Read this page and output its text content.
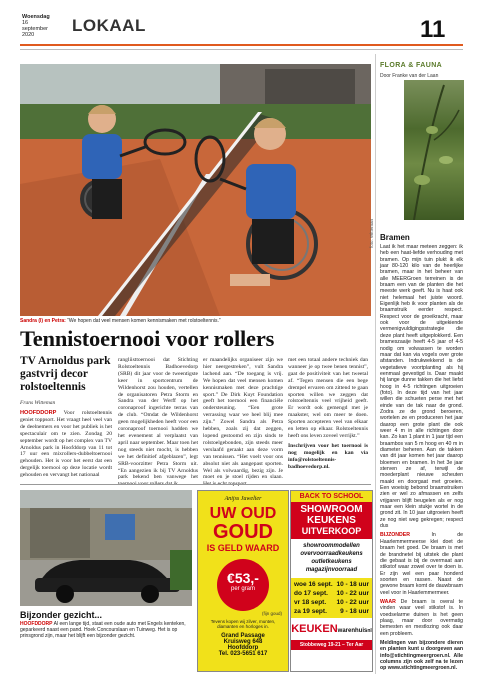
Woensdag
16
september
2020	LOKAAL	11
foto: Witteman
Sandra (l) en Petra: “We hopen dat veel mensen komen kennismaken met rolstoeltennis.”
Tennistoernooi voor rollers
TV Arnoldus park
gastvrij decor
rolstoeltennis
Frans Witteman
HOOFDDORP Voor rolstoeltennis geniet toppsort. Het vraagt heel veel van de deelnemers en voor het publiek is het spectaculair om te zien. Zondag 20 september wordt op het complex van TV Arnoldus park in Hoofddorp van 11 tot 17 uur een mixrollers-dubbeltoernooi gehouden. Het is voor het eerst dat een dergelijk toernooi op deze locatie wordt gehouden en vervangt het nationaal
rangliisttoernooi dat Stichting Rolstoeltennis Badhoevedorp (SRB) dit jaar voor de tweentigste keer in sportcentrum de Wildenhorst zou houden, vertellen de organisatoren Petra Storm en Sandra van der Werff op het coronaproof ingerichte terras van de club. “Omdat de Wildenhorst geen mogelijkheden heeft voor een coronaproof toernooi hadden we het evenement al verplaatst van april naar september. Maar toen het nog steeds niet mocht, is hebben we het definitief afgeblazen”, legt SRB-voorzitter Petra Storm uit. “En aangezien ik bij TV Arnoldus park bekend ben vanwege het
er maandelijks organiseer zijn we hier neergestreken”, vult Sandra lachend aan. “De toegang is vrij. We hopen dat veel mensen komen kennismaken met deze prachtige sport.” De Dirk Kuyt Foundation geeft het toernooi een financiële ondersteuning. “Een grote verrassing waar we heel blij mee zijn.” Zowel Sandra als Petra hebben, zoals zij dat zeggen, lopend gestoomd en zijn sinds te rolstoelgebonden, zijn steeds meer verslaafd geraakt aan deze vorm van tennissen. “Het voelt voor ons absolut niet als aangepast sporten. Wel als volwaardig, bezig zijn. Je moet en je stoel rijden en slaan.
met een totaal andere techniek dan wanneer je op twee benen tennist”, gaat de positiviteit van het tweetal af. “Tegen mensen die een bege drempel ervaren om zittend te gaan sporten willen we zeggen dat rolstoeltennis veel vrijheid geeft. Er wordt ook gemengd met je maakster, wel om meer te doen. Sporten accepteren veel van elkaar en letten op elkaar. Rolstoeltennis heeft ons leven zoveel verrijkt.”
Inschrijven voor het toernooi is nog mogelijk en kan via info@rolstoeltennis-badhoevedorp.nl.
FLORA & FAUNA
Door Franke van der Laan
Bramen
Laat ik het maar meteen zeggen: ik heb een haat-liefde verhouding met bramen. Op mijn tuin plukt ik elk jaar 80-120 kilo van de heerlijke bramen, maar in het beheer van alle MEERGroen terreinen is de braam een van de planten die het meeste werk geeft. Nu is haat ook niet helemaal het juiste woord. Eigenlijk heb ik voor planten als de braamstruik eerder respect. Respect voor de groeikracht, maar ook voor de uitgekiende vermenigvuldigingsstrategie die deze plant heeft uitgeplokkerd. Een brameszaaije heeft 4-5 jaar of 4-5 nodig om volwassen te worden maar dat kan via vogels over grote afstanden. Indrukwekkend is de vegetatieve voortplanting als hij eenmaal gevestigd is. Daar maakt hij lange dunne takken die het liefst hoog in 4-5 richtingen uitgroeien (foto). In deze tijd van het jaar willen die schueten perse met het einde van de tak naar de grond. Zodra ze de grond beroeren, wortelen ze en produceren het jaar daarop een grote plant die ook weer 4 m in alle richtingen door kan. Zo kan 1 plant in 1 jaar tijd een braambos van 5 m hoog en 40 m in diameter beheren. Aan de takken van dit jaar komen het jaar daarop bloemen en bramen. In het 3e jaar sterven ze af, terwijl de moederplant nieuwe scheuten maakt en doorgaat met groeien. Een woeisig bebond braamstruiken zien er wel zo afmassen en zelfs vrijgaren blijft beugelen als er nog maar een klein stukje wortel in de grond zit. In 10 jaar uitgroeien heeft ze nog niet weg gekregen; respect dus
BIJZONDER In de Haarlemmermeerse klei doet de braam het goed. De braam is met de brandnetel bij uitstek die plant die gebaat is bij de overmaat aan stikstof waar zowel over te doen is. Er zijn wel een paar honderd soorten en rassen. Naast de gewone braam komt de dauwbraam veel voor in Haarlemmermeer.
WAAR De braam is overal te vinden waar veel stikstof is. In voedselarme duinen is het geen plaag, maar door overmatig bemesten en mestlozing ook daar een probleem.
Meldingen van bijzondere dieren en planten kunt u doorgeven aan info@stichtingmeergroen.nl. Alle columns zijn ook zelf na te lezen op www.stichtingmeergroen.nl.
Bijzonder gezicht...
HOOFDDORP Al een lange tijd, staat een oude auto met Engels kenteken, geparkeerd naast een pand. Hoek Concourslaan en Tuinweg. Het is op prinsgrond zijn, maar het blijft een bijzonder gezicht.
Anijss Juwelier
UW OUD
GOUD
IS GELD WAARD
€53,-
per gram
(fijn goud)
Tevens kopen wij zilver, munten, diamanten en horloges in.
Grand Passage
Kruisweg 648
Hoofddorp
Tel. 023-5651 617
BACK TO SCHOOL
SHOWROOM
KEUKENS
UITVERKOOP
showroommodellen
overvoorraadkeukens
outletkeukens
magazijnvoorraad
woe 16 sept. 10 - 18 uur
do 17 sept. 10 - 22 uur
vr 18 sept. 10 - 22 uur
za 19 sept. 9 - 18 uur
KEUKENwarenhuisnl
Stobbeweg 19-21 – Ter Aar
